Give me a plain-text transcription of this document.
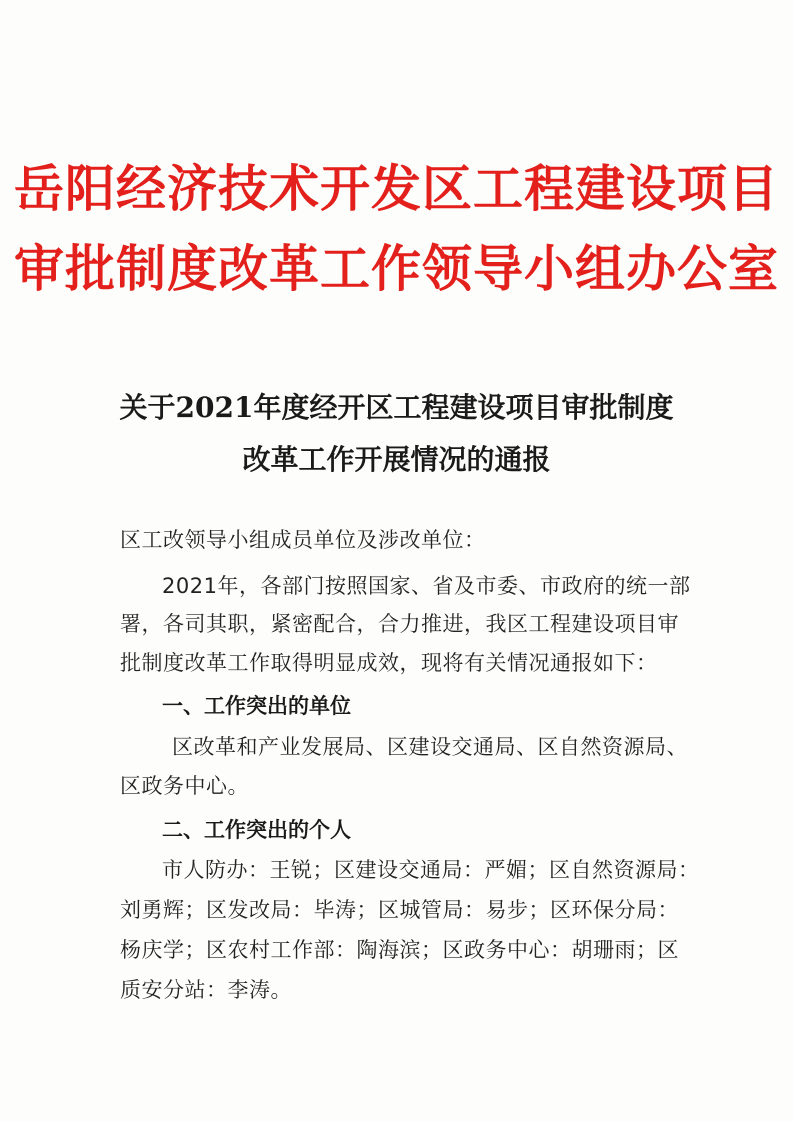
岳阳经济技术开发区工程建设项目
审批制度改革工作领导小组办公室
关于2021年度经开区工程建设项目审批制度
改革工作开展情况的通报
区工改领导小组成员单位及涉改单位：
2021年，各部门按照国家、省及市委、市政府的统一部
署，各司其职，紧密配合，合力推进，我区工程建设项目审
批制度改革工作取得明显成效，现将有关情况通报如下：
一、工作突出的单位
区改革和产业发展局、区建设交通局、区自然资源局、
区政务中心。
二、工作突出的个人
市人防办：王锐；区建设交通局：严媚；区自然资源局：
刘勇辉；区发改局：毕涛；区城管局：易步；区环保分局：
杨庆学；区农村工作部：陶海滨；区政务中心：胡珊雨；区
质安分站：李涛。
